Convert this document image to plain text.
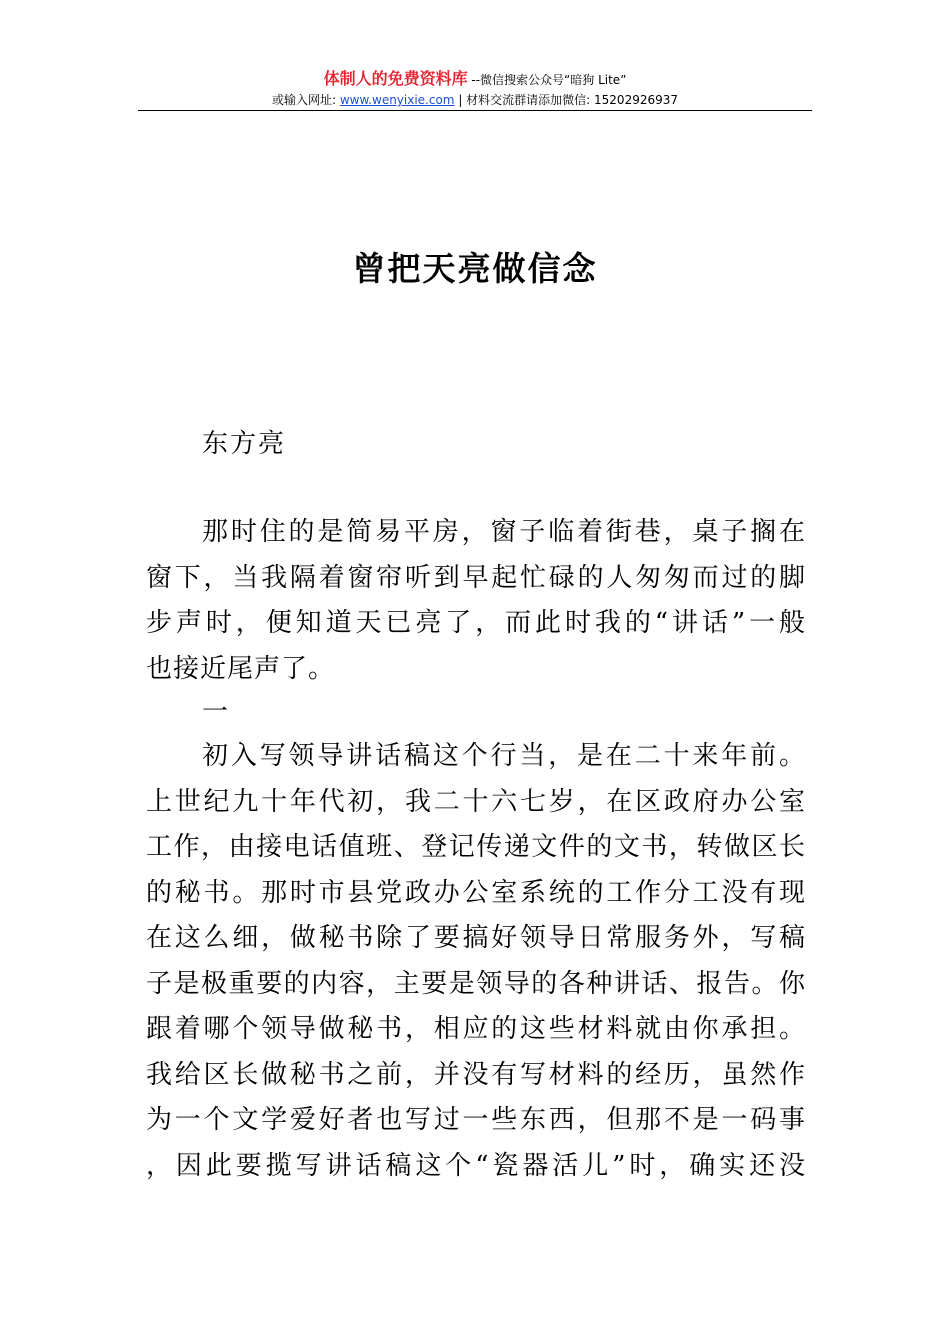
体制人的免费资料库 --微信搜索公众号“暗狗 Lite”
或输入网址: www.wenyixie.com | 材料交流群请添加微信: 15202926937
曾把天亮做信念
东方亮
那时住的是简易平房，窗子临着街巷，桌子搁在
窗下，当我隔着窗帘听到早起忙碌的人匆匆而过的脚
步声时，便知道天已亮了，而此时我的“讲话”一般
也接近尾声了。
一
初入写领导讲话稿这个行当，是在二十来年前。
上世纪九十年代初，我二十六七岁，在区政府办公室
工作，由接电话值班、登记传递文件的文书，转做区长
的秘书。那时市县党政办公室系统的工作分工没有现
在这么细，做秘书除了要搞好领导日常服务外，写稿
子是极重要的内容，主要是领导的各种讲话、报告。你
跟着哪个领导做秘书，相应的这些材料就由你承担。
我给区长做秘书之前，并没有写材料的经历，虽然作
为一个文学爱好者也写过一些东西，但那不是一码事
，因此要揽写讲话稿这个“瓷器活儿”时，确实还没
